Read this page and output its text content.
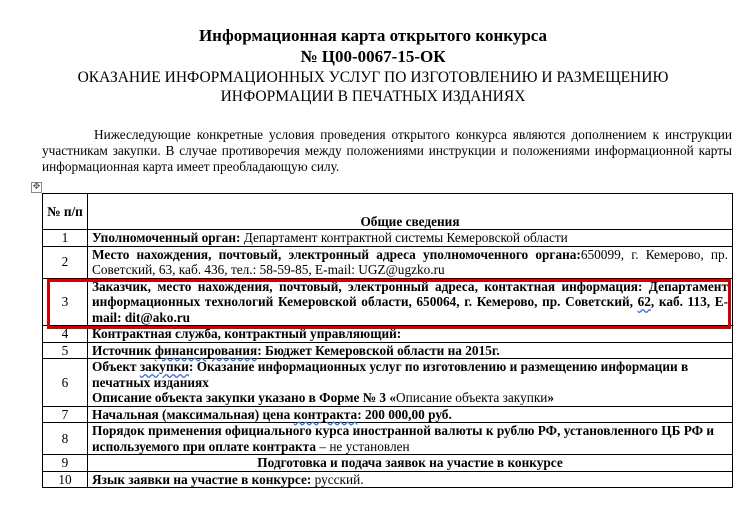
Информационная карта открытого конкурса
№ Ц00-0067-15-ОК
ОКАЗАНИЕ ИНФОРМАЦИОННЫХ УСЛУГ ПО ИЗГОТОВЛЕНИЮ И РАЗМЕЩЕНИЮ
ИНФОРМАЦИИ В ПЕЧАТНЫХ ИЗДАНИЯХ
Нижеследующие конкретные условия проведения открытого конкурса являются дополнением к инструкции участникам закупки. В случае противоречия между положениями инструкции и положениями информационной карты информационная карта имеет преобладающую силу.
✥
№ п/п	Общие сведения
1	Уполномоченный орган: Департамент контрактной системы Кемеровской области
2	Место нахождения, почтовый, электронный адреса уполномоченного органа:650099, г. Кемерово, пр. Советский, 63, каб. 436, тел.: 58-59-85, E-mail: UGZ@ugzko.ru
3	Заказчик, место нахождения, почтовый, электронный адреса, контактная информация: Департамент информационных технологий Кемеровской области, 650064, г. Кемерово, пр. Советский, 62, каб. 113, E-mail: dit@ako.ru
4	Контрактная служба, контрактный управляющий:
5	Источник финансирования: Бюджет Кемеровской области на 2015г.
6	Объект закупки: Оказание информационных услуг по изготовлению и размещению информации в печатных изданиях
Описание объекта закупки указано в Форме № 3 «Описание объекта закупки»
7	Начальная (максимальная) цена контракта: 200 000,00 руб.
8	Порядок применения официального курса иностранной валюты к рублю РФ, установленного ЦБ РФ и используемого при оплате контракта – не установлен
9	Подготовка и подача заявок на участие в конкурсе
10	Язык заявки на участие в конкурсе: русский.
